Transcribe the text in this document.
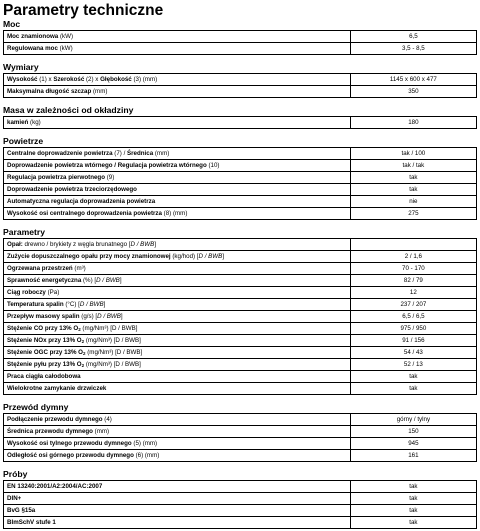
Parametry techniczne
Moc
Moc znamionowa (kW)	6,5
Regulowana moc (kW)	3,5 - 8,5
Wymiary
Wysokość (1) x Szerokość (2) x Głębokość (3) (mm)	1145 x 600 x 477
Maksymalna długość szczap (mm)	350
Masa w zależności od okładziny
kamień (kg)	180
Powietrze
Centralne doprowadzenie powietrza (7) / Średnica (mm)	tak / 100
Doprowadzenie powietrza wtórnego / Regulacja powietrza wtórnego (10)	tak / tak
Regulacja powietrza pierwotnego (9)	tak
Doprowadzenie powietrza trzeciorzędowego	tak
Automatyczna regulacja doprowadzenia powietrza	nie
Wysokość osi centralnego doprowadzenia powietrza (8) (mm)	275
Parametry
Opał: drewno / brykiety z węgla brunatnego [D / BWB]	
Zużycie dopuszczalnego opału przy mocy znamionowej (kg/hod) [D / BWB]	2 / 1,6
Ogrzewana przestrzeń (m³)	70 - 170
Sprawność energetyczna (%) [D / BWB]	82 / 79
Ciąg roboczy (Pa)	12
Temperatura spalin (°C) [D / BWB]	237 / 207
Przepływ masowy spalin (g/s) [D / BWB]	6,5 / 6,5
Stężenie CO przy 13% $O_2$ (mg/Nm³) [D / BWB]	975 / 950
Stężenie NOx przy 13% $O_2$ (mg/Nm³) [D / BWB]	91 / 156
Stężenie OGC przy 13% $O_2$ (mg/Nm³) [D / BWB]	54 / 43
Stężenie pyłu przy 13% $O_2$ (mg/Nm³) [D / BWB]	52 / 13
Praca ciągła całodobowa	tak
Wielokrotne zamykanie drzwiczek	tak
Przewód dymny
Podłączenie przewodu dymnego (4)	górny / tylny
Średnica przewodu dymnego (mm)	150
Wysokość osi tylnego przewodu dymnego (5) (mm)	945
Odległość osi górnego przewodu dymnego (6) (mm)	161
Próby
EN 13240:2001/A2:2004/AC:2007	tak
DIN+	tak
BvG §15a	tak
BImSchV stufe 1	tak
